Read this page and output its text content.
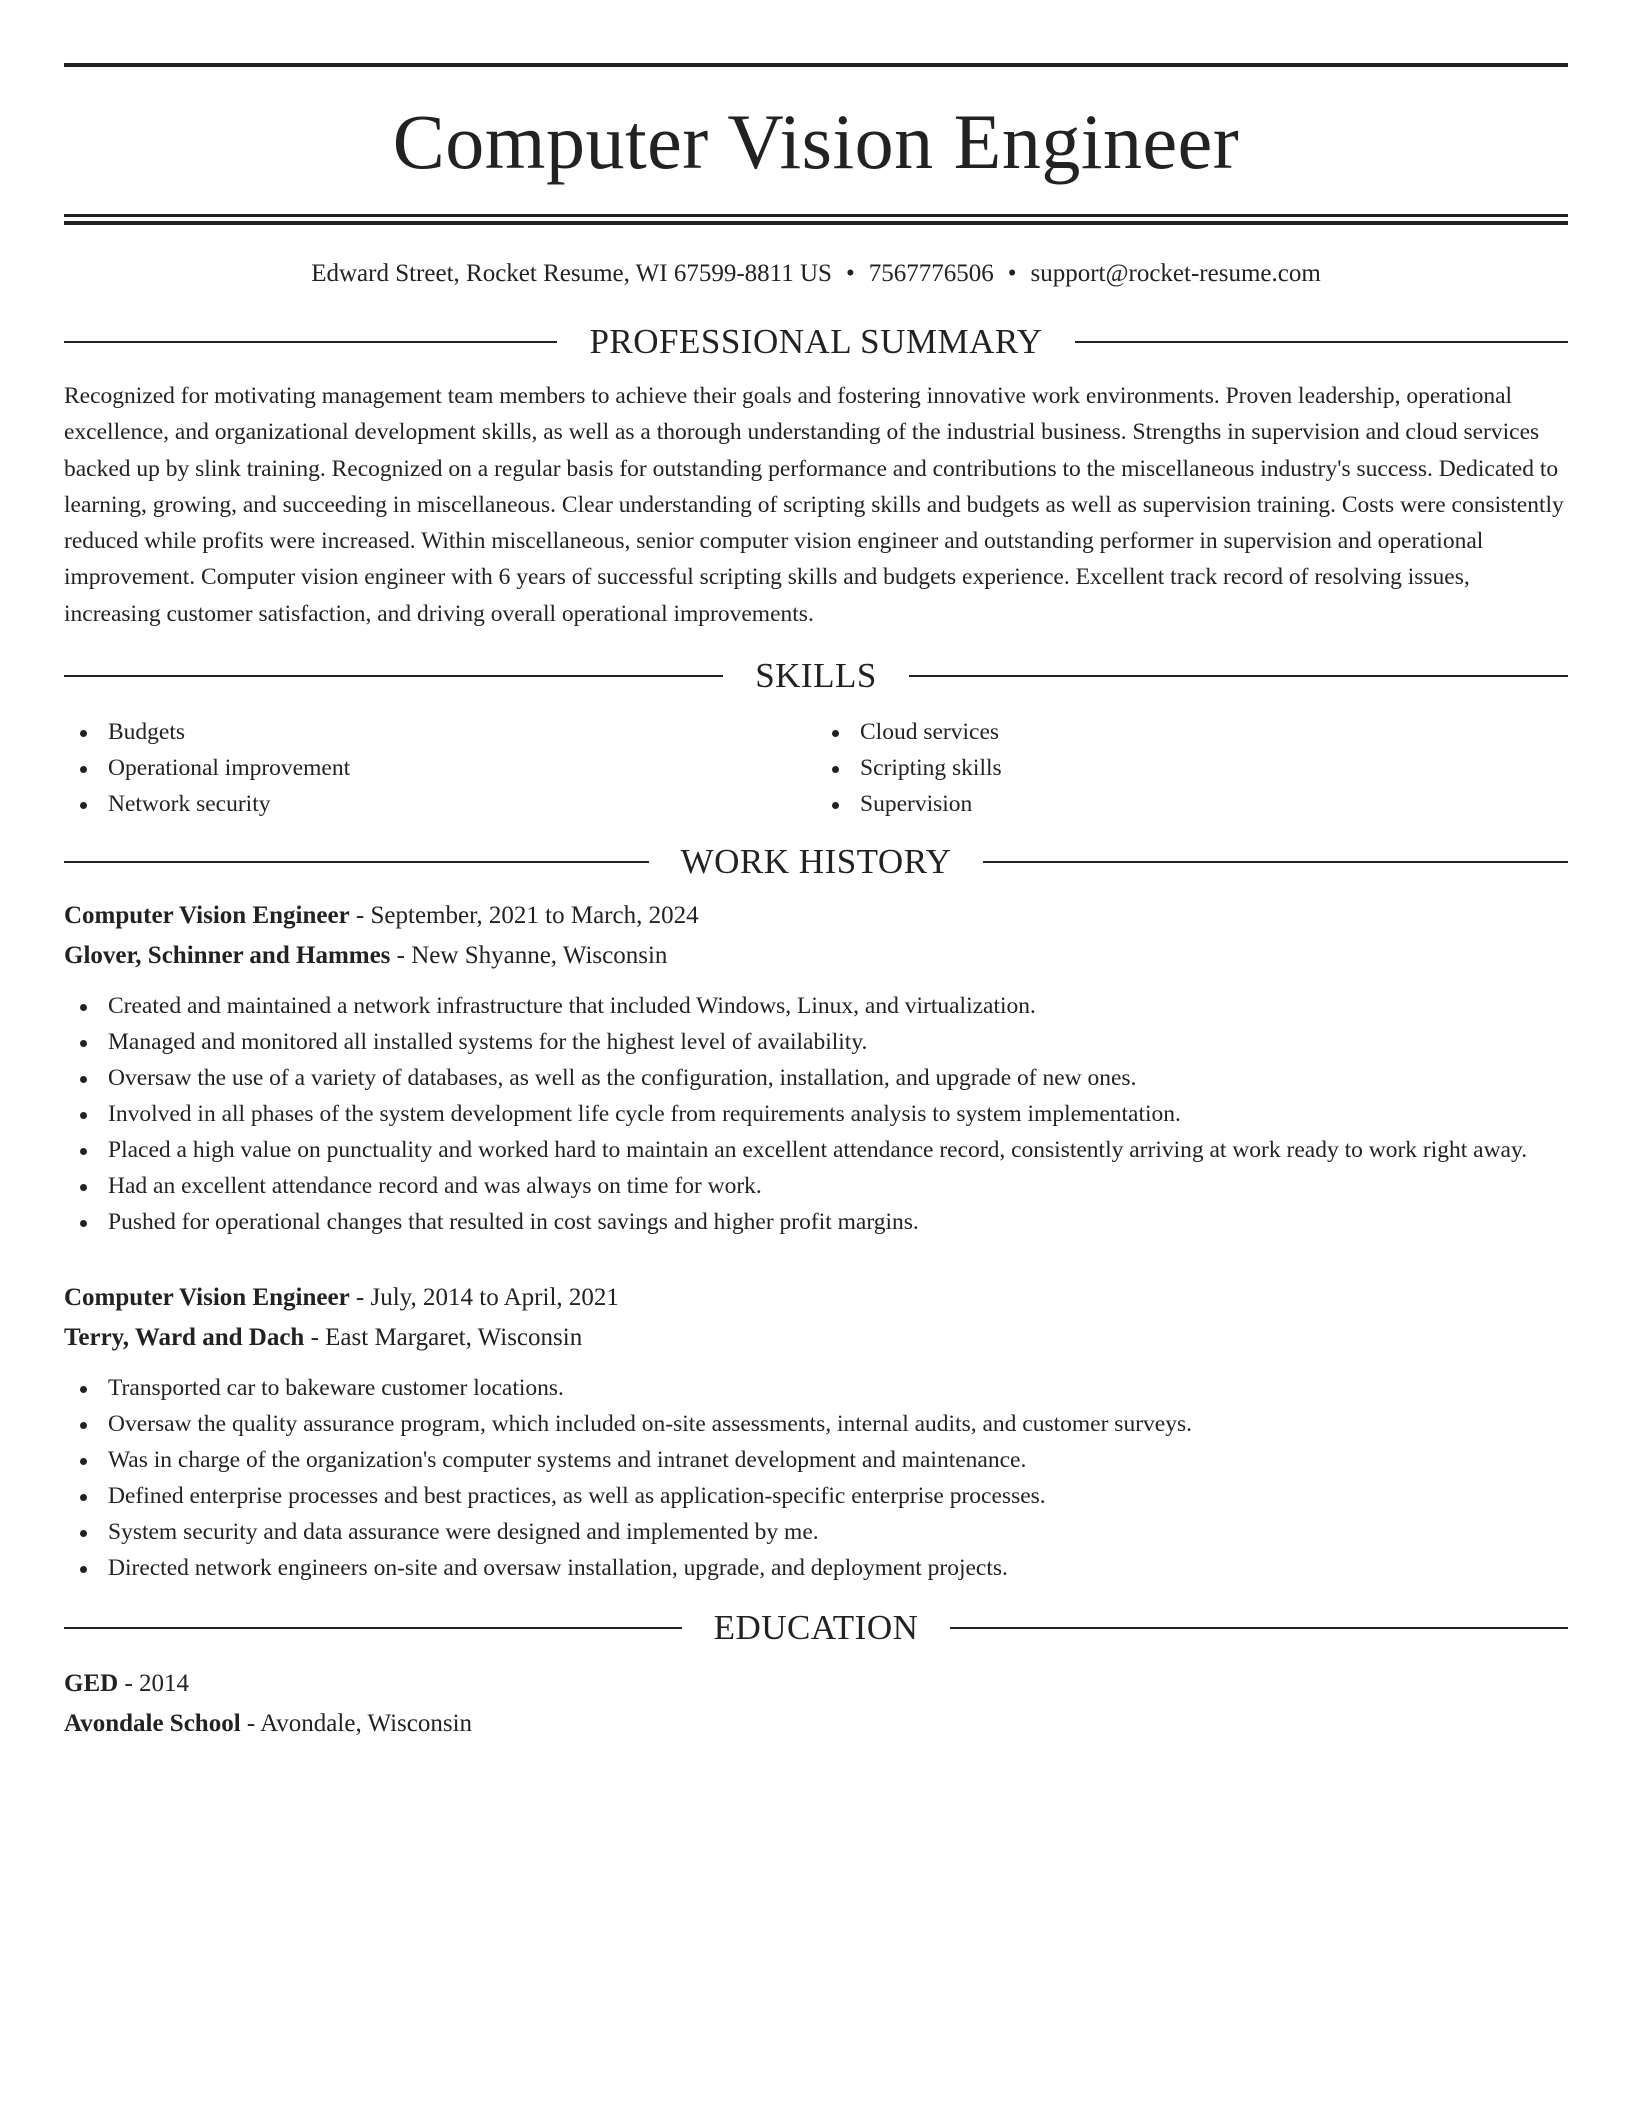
Computer Vision Engineer
Edward Street, Rocket Resume, WI 67599-8811 US • 7567776506 • support@rocket-resume.com
PROFESSIONAL SUMMARY

Recognized for motivating management team members to achieve their goals and fostering innovative work environments. Proven leadership, operational excellence, and organizational development skills, as well as a thorough understanding of the industrial business. Strengths in supervision and cloud services backed up by slink training. Recognized on a regular basis for outstanding performance and contributions to the miscellaneous industry's success. Dedicated to learning, growing, and succeeding in miscellaneous. Clear understanding of scripting skills and budgets as well as supervision training. Costs were consistently reduced while profits were increased. Within miscellaneous, senior computer vision engineer and outstanding performer in supervision and operational improvement. Computer vision engineer with 6 years of successful scripting skills and budgets experience. Excellent track record of resolving issues, increasing customer satisfaction, and driving overall operational improvements.

SKILLS
Budgets
Operational improvement
Network security
Cloud services
Scripting skills
Supervision
WORK HISTORY
Computer Vision Engineer - September, 2021 to March, 2024
Glover, Schinner and Hammes - New Shyanne, Wisconsin
Created and maintained a network infrastructure that included Windows, Linux, and virtualization.
Managed and monitored all installed systems for the highest level of availability.
Oversaw the use of a variety of databases, as well as the configuration, installation, and upgrade of new ones.
Involved in all phases of the system development life cycle from requirements analysis to system implementation.
Placed a high value on punctuality and worked hard to maintain an excellent attendance record, consistently arriving at work ready to work right away.
Had an excellent attendance record and was always on time for work.
Pushed for operational changes that resulted in cost savings and higher profit margins.
Computer Vision Engineer - July, 2014 to April, 2021
Terry, Ward and Dach - East Margaret, Wisconsin
Transported car to bakeware customer locations.
Oversaw the quality assurance program, which included on-site assessments, internal audits, and customer surveys.
Was in charge of the organization's computer systems and intranet development and maintenance.
Defined enterprise processes and best practices, as well as application-specific enterprise processes.
System security and data assurance were designed and implemented by me.
Directed network engineers on-site and oversaw installation, upgrade, and deployment projects.
EDUCATION
GED - 2014
Avondale School - Avondale, Wisconsin
